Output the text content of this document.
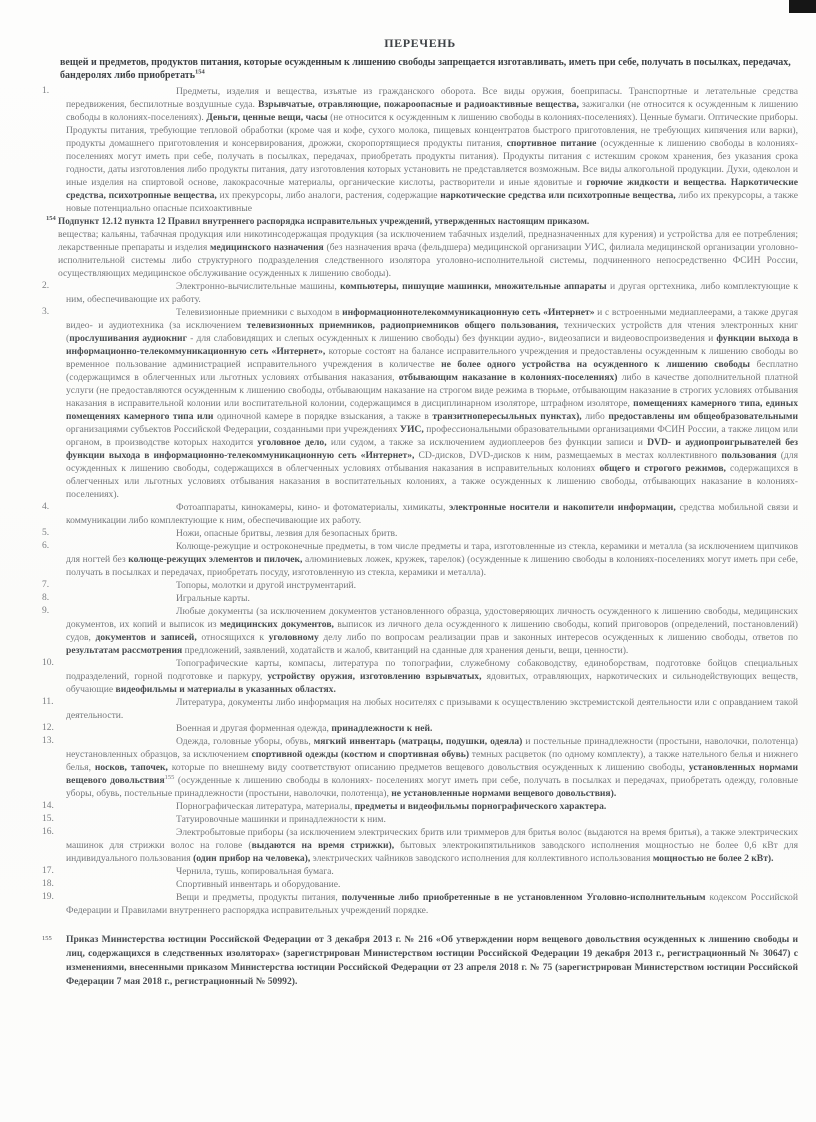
ПЕРЕЧЕНЬ

вещей и предметов, продуктов питания, которые осужденным к лишению свободы запрещается изготавливать, иметь при себе, получать в посылках, передачах, бандеролях либо приобретать$^{154}$

1.	Предметы, изделия и вещества, изъятые из гражданского оборота. Все виды оружия, боеприпасы. Транспортные и летательные средства передвижения, беспилотные воздушные суда. Взрывчатые, отравляющие, пожароопасные и радиоактивные вещества, зажигалки (не относится к осужденным к лишению свободы в колониях-поселениях). Деньги, ценные вещи, часы (не относится к осужденным к лишению свободы в колониях-поселениях). Ценные бумаги. Оптические приборы. Продукты питания, требующие тепловой обработки (кроме чая и кофе, сухого молока, пищевых концентратов быстрого приготовления, не требующих кипячения или варки), продукты домашнего приготовления и консервирования, дрожжи, скоропортящиеся продукты питания, спортивное питание (осужденные к лишению свободы в колониях- поселениях могут иметь при себе, получать в посылках, передачах, приобретать продукты питания). Продукты питания с истекшим сроком хранения, без указания срока годности, даты изготовления либо продукты питания, дату изготовления которых установить не представляется возможным. Все виды алкогольной продукции. Духи, одеколон и иные изделия на спиртовой основе, лакокрасочные материалы, органические кислоты, растворители и иные ядовитые и горючие жидкости и вещества. Наркотические средства, психотропные вещества, их прекурсоры, либо аналоги, растения, содержащие наркотические средства или психотропные вещества, либо их прекурсоры, а также новые потенциально опасные психоактивные
$^{154}$ Подпункт 12.12 пункта 12 Правил внутреннего распорядка исправительных учреждений, утвержденных настоящим приказом.
вещества; кальяны, табачная продукция или никотинсодержащая продукция (за исключением табачных изделий, предназначенных для курения) и устройства для ее потребления; лекарственные препараты и изделия медицинского назначения (без назначения врача (фельдшера) медицинской организации УИС, филиала медицинской организации уголовно-исполнительной системы либо структурного подразделения следственного изолятора уголовно-исполнительной системы, подчиненного непосредственно ФСИН России, осуществляющих медицинское обслуживание осужденных к лишению свободы).
2.	Электронно-вычислительные машины, компьютеры, пишущие машинки, множительные аппараты и другая оргтехника, либо комплектующие к ним, обеспечивающие их работу.
3.	Телевизионные приемники с выходом в информационнотелекоммуникационную сеть «Интернет» и с встроенными медиаплеерами, а также другая видео- и аудиотехника (за исключением телевизионных приемников, радиоприемников общего пользования, технических устройств для чтения электронных книг (прослушивания аудиокниг - для слабовидящих и слепых осужденных к лишению свободы) без функции аудио-, видеозаписи и видеовоспроизведения и функции выхода в информационно-телекоммуникационную сеть «Интернет», которые состоят на балансе исправительного учреждения и предоставлены осужденным к лишению свободы во временное пользование администрацией исправительного учреждения в количестве не более одного устройства на осужденного к лишению свободы бесплатно (содержащимся в облегченных или льготных условиях отбывания наказания, отбывающим наказание в колониях-поселениях) либо в качестве дополнительной платной услуги (не предоставляются осужденным к лишению свободы, отбывающим наказание на строгом виде режима в тюрьме, отбывающим наказание в строгих условиях отбывания наказания в исправительной колонии или воспитательной колонии, содержащимся в дисциплинарном изоляторе, штрафном изоляторе, помещениях камерного типа, единых помещениях камерного типа или одиночной камере в порядке взыскания, а также в транзитнопересыльных пунктах), либо предоставлены им общеобразовательными организациями субъектов Российской Федерации, созданными при учреждениях УИС, профессиональными образовательными организациями ФСИН России, а также лицом или органом, в производстве которых находится уголовное дело, или судом, а также за исключением аудиоплееров без функции записи и DVD- и аудиопроигрывателей без функции выхода в информационно-телекоммуникационную сеть «Интернет», CD-дисков, DVD-дисков к ним, размещаемых в местах коллективного пользования (для осужденных к лишению свободы, содержащихся в облегченных условиях отбывания наказания в исправительных колониях общего и строгого режимов, содержащихся в облегченных или льготных условиях отбывания наказания в воспитательных колониях, а также осужденных к лишению свободы, отбывающих наказание в колониях-поселениях).
4.	Фотоаппараты, кинокамеры, кино- и фотоматериалы, химикаты, электронные носители и накопители информации, средства мобильной связи и коммуникации либо комплектующие к ним, обеспечивающие их работу.
5.	Ножи, опасные бритвы, лезвия для безопасных бритв.
6.	Колюще-режущие и остроконечные предметы, в том числе предметы и тара, изготовленные из стекла, керамики и металла (за исключением щипчиков для ногтей без колюще-режущих элементов и пилочек, алюминиевых ложек, кружек, тарелок) (осужденные к лишению свободы в колониях-поселениях могут иметь при себе, получать в посылках и передачах, приобретать посуду, изготовленную из стекла, керамики и металла).
7.	Топоры, молотки и другой инструментарий.
8.	Игральные карты.
9.	Любые документы (за исключением документов установленного образца, удостоверяющих личность осужденного к лишению свободы, медицинских документов, их копий и выписок из медицинских документов, выписок из личного дела осужденного к лишению свободы, копий приговоров (определений, постановлений) судов, документов и записей, относящихся к уголовному делу либо по вопросам реализации прав и законных интересов осужденных к лишению свободы, ответов по результатам рассмотрения предложений, заявлений, ходатайств и жалоб, квитанций на сданные для хранения деньги, вещи, ценности).
10.	Топографические карты, компасы, литература по топографии, служебному собаководству, единоборствам, подготовке бойцов специальных подразделений, горной подготовке и паркуру, устройству оружия, изготовлению взрывчатых, ядовитых, отравляющих, наркотических и сильнодействующих веществ, обучающие видеофильмы и материалы в указанных областях.
11.	Литература, документы либо информация на любых носителях с призывами к осуществлению экстремистской деятельности или с оправданием такой деятельности.
12.	Военная и другая форменная одежда, принадлежности к ней.
13.	Одежда, головные уборы, обувь, мягкий инвентарь (матрацы, подушки, одеяла) и постельные принадлежности (простыни, наволочки, полотенца) неустановленных образцов, за исключением спортивной одежды (костюм и спортивная обувь) темных расцветок (по одному комплекту), а также нательного белья и нижнего белья, носков, тапочек, которые по внешнему виду соответствуют описанию предметов вещевого довольствия осужденных к лишению свободы, установленных нормами вещевого довольствия$^{155}$ (осужденные к лишению свободы в колониях- поселениях могут иметь при себе, получать в посылках и передачах, приобретать одежду, головные уборы, обувь, постельные принадлежности (простыни, наволочки, полотенца), не установленные нормами вещевого довольствия).
14.	Порнографическая литература, материалы, предметы и видеофильмы порнографического характера.
15.	Татуировочные машинки и принадлежности к ним.
16.	Электробытовые приборы (за исключением электрических бритв или триммеров для бритья волос (выдаются на время бритья), а также электрических машинок для стрижки волос на голове (выдаются на время стрижки), бытовых электрокипятильников заводского исполнения мощностью не более 0,6 кВт для индивидуального пользования (один прибор на человека), электрических чайников заводского исполнения для коллективного использования мощностью не более 2 кВт).
17.	Чернила, тушь, копировальная бумага.
18.	Спортивный инвентарь и оборудование.
19.	Вещи и предметы, продукты питания, полученные либо приобретенные в не установленном Уголовно-исполнительным кодексом Российской Федерации и Правилами внутреннего распорядка исправительных учреждений порядке.
155	Приказ Министерства юстиции Российской Федерации от 3 декабря 2013 г. № 216 «Об утверждении норм вещевого довольствия осужденных к лишению свободы и лиц, содержащихся в следственных изоляторах» (зарегистрирован Министерством юстиции Российской Федерации 19 декабря 2013 г., регистрационный № 30647) с изменениями, внесенными приказом Министерства юстиции Российской Федерации от 23 апреля 2018 г. № 75 (зарегистрирован Министерством юстиции Российской Федерации 7 мая 2018 г., регистрационный № 50992).
